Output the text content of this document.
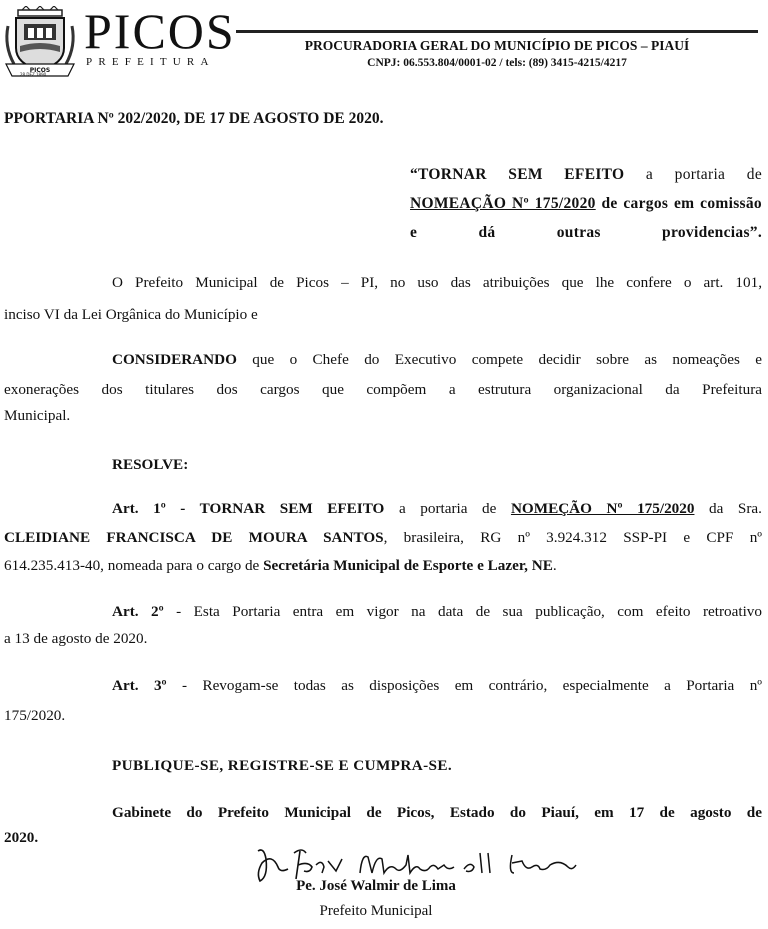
PICOS
28 DEZ 1890
PICOS
PREFEITURA
PROCURADORIA GERAL DO MUNICÍPIO DE PICOS – PIAUÍ
CNPJ: 06.553.804/0001-02 / tels: (89) 3415-4215/4217
PPORTARIA Nº 202/2020, DE 17 DE AGOSTO DE 2020.
“TORNAR SEM EFEITO a portaria de NOMEAÇÃO Nº 175/2020 de cargos em comissão e dá outras providencias”.
O Prefeito Municipal de Picos – PI, no uso das atribuições que lhe confere o art. 101,
inciso VI da Lei Orgânica do Município e
CONSIDERANDO que o Chefe do Executivo compete decidir sobre as nomeações e
exonerações dos titulares dos cargos que compõem a estrutura organizacional da Prefeitura
Municipal.
RESOLVE:
Art. 1º - TORNAR SEM EFEITO a portaria de NOMEÇÃO Nº 175/2020 da Sra.
CLEIDIANE FRANCISCA DE MOURA SANTOS, brasileira, RG nº 3.924.312 SSP-PI e CPF nº
614.235.413-40, nomeada para o cargo de Secretária Municipal de Esporte e Lazer, NE.
Art. 2º - Esta Portaria entra em vigor na data de sua publicação, com efeito retroativo
a 13 de agosto de 2020.
Art. 3º - Revogam-se todas as disposições em contrário, especialmente a Portaria nº
175/2020.
PUBLIQUE-SE, REGISTRE-SE E CUMPRA-SE.
Gabinete do Prefeito Municipal de Picos, Estado do Piauí, em 17 de agosto de
2020.
Pe. José Walmir de Lima
Prefeito Municipal
